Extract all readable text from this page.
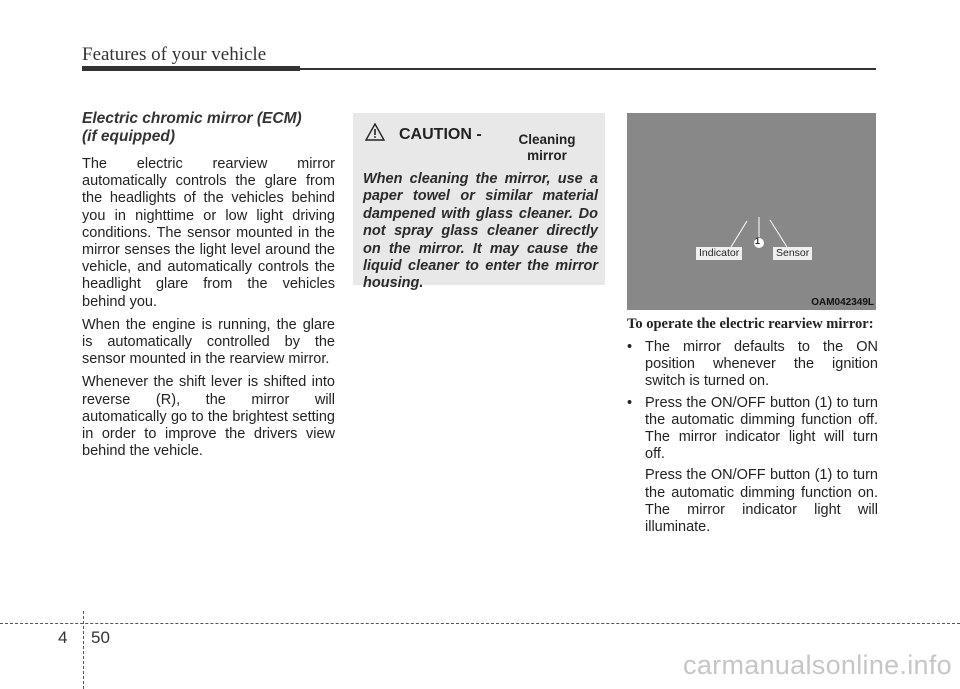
Features of your vehicle
Electric chromic mirror (ECM)
(if equipped)

The electric rearview mirror automatically controls the glare from the headlights of the vehicles behind you in nighttime or low light driving conditions. The sensor mounted in the mirror senses the light level around the vehicle, and automatically controls the headlight glare from the vehicles behind you.

When the engine is running, the glare is automatically controlled by the sensor mounted in the rearview mirror.

Whenever the shift lever is shifted into reverse (R), the mirror will automatically go to the brightest setting in order to improve the drivers view behind the vehicle.

CAUTION -	Cleaning mirror

When cleaning the mirror, use a paper towel or similar material dampened with glass cleaner. Do not spray glass cleaner directly on the mirror. It may cause the liquid cleaner to enter the mirror housing.

1
Indicator	Sensor
OAM042349L
To operate the electric rearview mirror:
• The mirror defaults to the ON position whenever the ignition switch is turned on.
• Press the ON/OFF button (1) to turn the automatic dimming function off. The mirror indicator light will turn off.

Press the ON/OFF button (1) to turn the automatic dimming function on. The mirror indicator light will illuminate.

4 50
carmanualsonline.info
